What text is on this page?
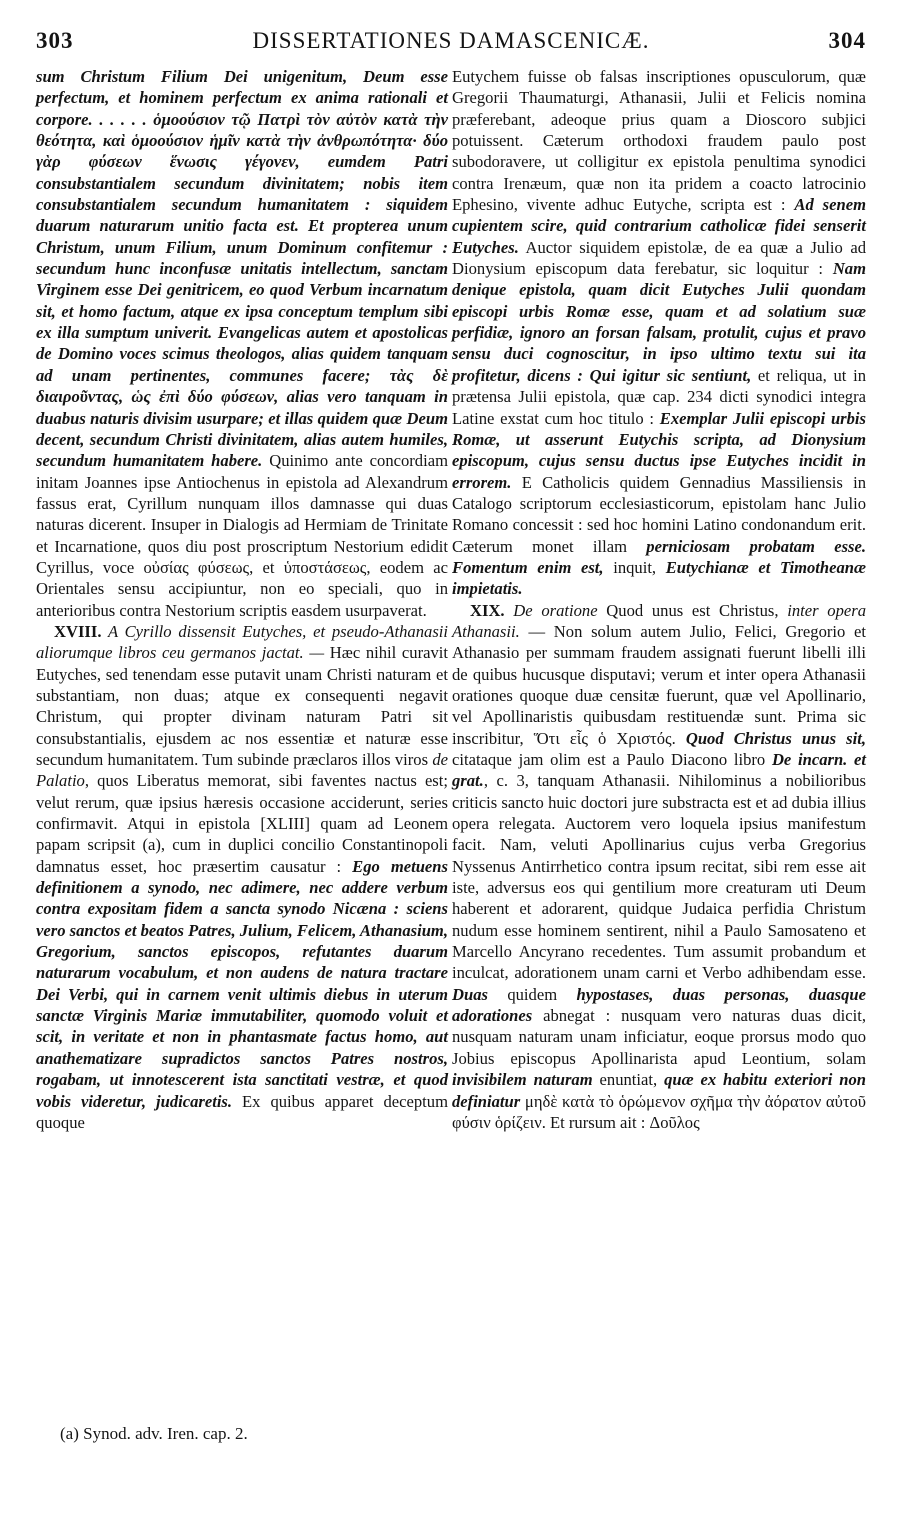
303	DISSERTATIONES DAMASCENICÆ.	304

sum Christum Filium Dei unigenitum, Deum esse perfectum, et hominem perfectum ex anima rationali et corpore. . . . . . ὁμοούσιον τῷ Πατρὶ τὸν αὐτὸν κατὰ τὴν θεότητα, καὶ ὁμοούσιον ἡμῖν κατὰ τὴν ἀνθρωπότητα· δύο γὰρ φύσεων ἕνωσις γέγονεν, eumdem Patri consubstantialem secundum divinitatem; nobis item consubstantialem secundum humanitatem : siquidem duarum naturarum unitio facta est. Et propterea unum Christum, unum Filium, unum Dominum confitemur : secundum hunc inconfusæ unitatis intellectum, sanctam Virginem esse Dei genitricem, eo quod Verbum incarnatum sit, et homo factum, atque ex ipsa conceptum templum sibi ex illa sumptum univerit. Evangelicas autem et apostolicas de Domino voces scimus theologos, alias quidem tanquam ad unam pertinentes, communes facere; τὰς δὲ διαιροῦντας, ὡς ἐπὶ δύο φύσεων, alias vero tanquam in duabus naturis divisim usurpare; et illas quidem quæ Deum decent, secundum Christi divinitatem, alias autem humiles, secundum humanitatem habere. Quinimo ante concordiam initam Joannes ipse Antiochenus in epistola ad Alexandrum fassus erat, Cyrillum nunquam illos damnasse qui duas naturas dicerent. Insuper in Dialogis ad Hermiam de Trinitate et Incarnatione, quos diu post proscriptum Nestorium edidit Cyrillus, voce οὐσίας φύσεως, et ὑποστάσεως, eodem ac Orientales sensu accipiuntur, non eo speciali, quo in anterioribus contra Nestorium scriptis easdem usurpaverat.

XVIII. A Cyrillo dissensit Eutyches, et pseudo-Athanasii aliorumque libros ceu germanos jactat. — Hæc nihil curavit Eutyches, sed tenendam esse putavit unam Christi naturam et substantiam, non duas; atque ex consequenti negavit Christum, qui propter divinam naturam Patri sit consubstantialis, ejusdem ac nos essentiæ et naturæ esse secundum humanitatem. Tum subinde præclaros illos viros de Palatio, quos Liberatus memorat, sibi faventes nactus est; velut rerum, quæ ipsius hæresis occasione acciderunt, series confirmavit. Atqui in epistola [XLIII] quam ad Leonem papam scripsit (a), cum in duplici concilio Constantinopoli damnatus esset, hoc præsertim causatur : Ego metuens definitionem a synodo, nec adimere, nec addere verbum contra expositam fidem a sancta synodo Nicæna : sciens vero sanctos et beatos Patres, Julium, Felicem, Athanasium, Gregorium, sanctos episcopos, refutantes duarum naturarum vocabulum, et non audens de natura tractare Dei Verbi, qui in carnem venit ultimis diebus in uterum sanctæ Virginis Mariæ immutabiliter, quomodo voluit et scit, in veritate et non in phantasmate factus homo, aut anathematizare supradictos sanctos Patres nostros, rogabam, ut innotescerent ista sanctitati vestræ, et quod vobis videretur, judicaretis. Ex quibus apparet deceptum quoque

Eutychem fuisse ob falsas inscriptiones opusculorum, quæ Gregorii Thaumaturgi, Athanasii, Julii et Felicis nomina præferebant, adeoque prius quam a Dioscoro subjici potuissent. Cæterum orthodoxi fraudem paulo post subodoravere, ut colligitur ex epistola penultima synodici contra Irenæum, quæ non ita pridem a coacto latrocinio Ephesino, vivente adhuc Eutyche, scripta est : Ad senem cupientem scire, quid contrarium catholicæ fidei senserit Eutyches. Auctor siquidem epistolæ, de ea quæ a Julio ad Dionysium episcopum data ferebatur, sic loquitur : Nam denique epistola, quam dicit Eutyches Julii quondam episcopi urbis Romæ esse, quam et ad solatium suæ perfidiæ, ignoro an forsan falsam, protulit, cujus et pravo sensu duci cognoscitur, in ipso ultimo textu sui ita profitetur, dicens : Qui igitur sic sentiunt, et reliqua, ut in prætensa Julii epistola, quæ cap. 234 dicti synodici integra Latine exstat cum hoc titulo : Exemplar Julii episcopi urbis Romæ, ut asserunt Eutychis scripta, ad Dionysium episcopum, cujus sensu ductus ipse Eutyches incidit in errorem. E Catholicis quidem Gennadius Massiliensis in Catalogo scriptorum ecclesiasticorum, epistolam hanc Julio Romano concessit : sed hoc homini Latino condonandum erit. Cæterum monet illam perniciosam probatam esse. Fomentum enim est, inquit, Eutychianæ et Timotheanæ impietatis.

XIX. De oratione Quod unus est Christus, inter opera Athanasii. — Non solum autem Julio, Felici, Gregorio et Athanasio per summam fraudem assignati fuerunt libelli illi de quibus hucusque disputavi; verum et inter opera Athanasii orationes quoque duæ censitæ fuerunt, quæ vel Apollinario, vel Apollinaristis quibusdam restituendæ sunt. Prima sic inscribitur, Ὅτι εἷς ὁ Χριστός. Quod Christus unus sit, citataque jam olim est a Paulo Diacono libro De incarn. et grat., c. 3, tanquam Athanasii. Nihilominus a nobilioribus criticis sancto huic doctori jure substracta est et ad dubia illius opera relegata. Auctorem vero loquela ipsius manifestum facit. Nam, veluti Apollinarius cujus verba Gregorius Nyssenus Antirrhetico contra ipsum recitat, sibi rem esse ait iste, adversus eos qui gentilium more creaturam uti Deum haberent et adorarent, quidque Judaica perfidia Christum nudum esse hominem sentirent, nihil a Paulo Samosateno et Marcello Ancyrano recedentes. Tum assumit probandum et inculcat, adorationem unam carni et Verbo adhibendam esse. Duas quidem hypostases, duas personas, duasque adorationes abnegat : nusquam vero naturas duas dicit, nusquam naturam unam inficiatur, eoque prorsus modo quo Jobius episcopus Apollinarista apud Leontium, solam invisibilem naturam enuntiat, quæ ex habitu exteriori non definiatur μηδὲ κατὰ τὸ ὁρώμενον σχῆμα τὴν ἀόρατον αὐτοῦ φύσιν ὁρίζειν. Et rursum ait : Δοῦλος

(a) Synod. adv. Iren. cap. 2.
